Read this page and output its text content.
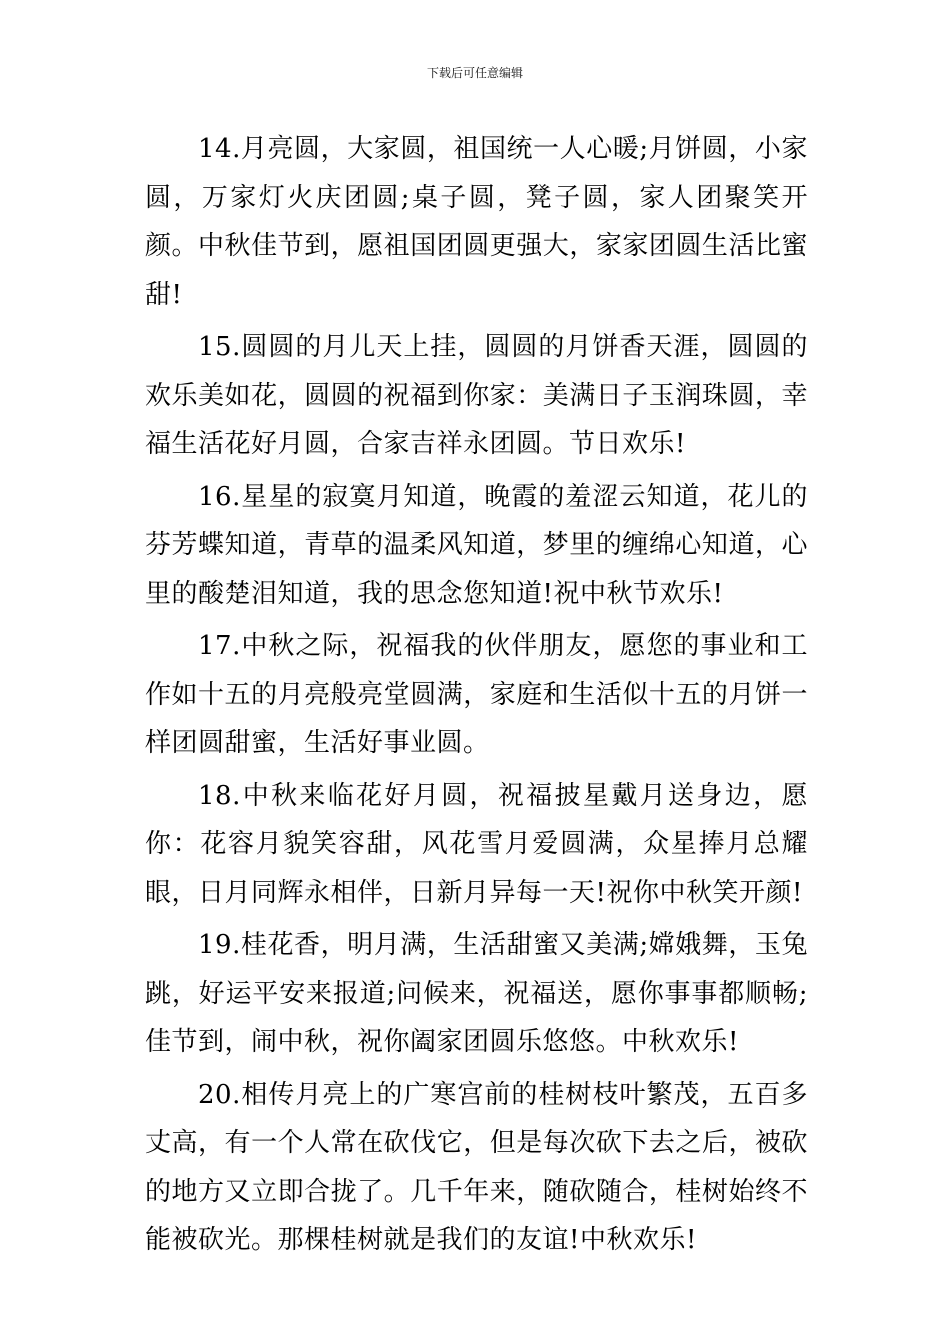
下载后可任意编辑

14.月亮圆，大家圆，祖国统一人心暖;月饼圆，小家圆，万家灯火庆团圆;桌子圆，凳子圆，家人团聚笑开颜。中秋佳节到，愿祖国团圆更强大，家家团圆生活比蜜甜!

15.圆圆的月儿天上挂，圆圆的月饼香天涯，圆圆的欢乐美如花，圆圆的祝福到你家：美满日子玉润珠圆，幸福生活花好月圆，合家吉祥永团圆。节日欢乐!

16.星星的寂寞月知道，晚霞的羞涩云知道，花儿的芬芳蝶知道，青草的温柔风知道，梦里的缠绵心知道，心里的酸楚泪知道，我的思念您知道!祝中秋节欢乐!

17.中秋之际，祝福我的伙伴朋友，愿您的事业和工作如十五的月亮般亮堂圆满，家庭和生活似十五的月饼一样团圆甜蜜，生活好事业圆。

18.中秋来临花好月圆，祝福披星戴月送身边，愿你：花容月貌笑容甜，风花雪月爱圆满，众星捧月总耀眼，日月同辉永相伴，日新月异每一天!祝你中秋笑开颜!

19.桂花香，明月满，生活甜蜜又美满;嫦娥舞，玉兔跳，好运平安来报道;问候来，祝福送，愿你事事都顺畅;佳节到，闹中秋，祝你阖家团圆乐悠悠。中秋欢乐!

20.相传月亮上的广寒宫前的桂树枝叶繁茂，五百多丈高，有一个人常在砍伐它，但是每次砍下去之后，被砍的地方又立即合拢了。几千年来，随砍随合，桂树始终不能被砍光。那棵桂树就是我们的友谊!中秋欢乐!
